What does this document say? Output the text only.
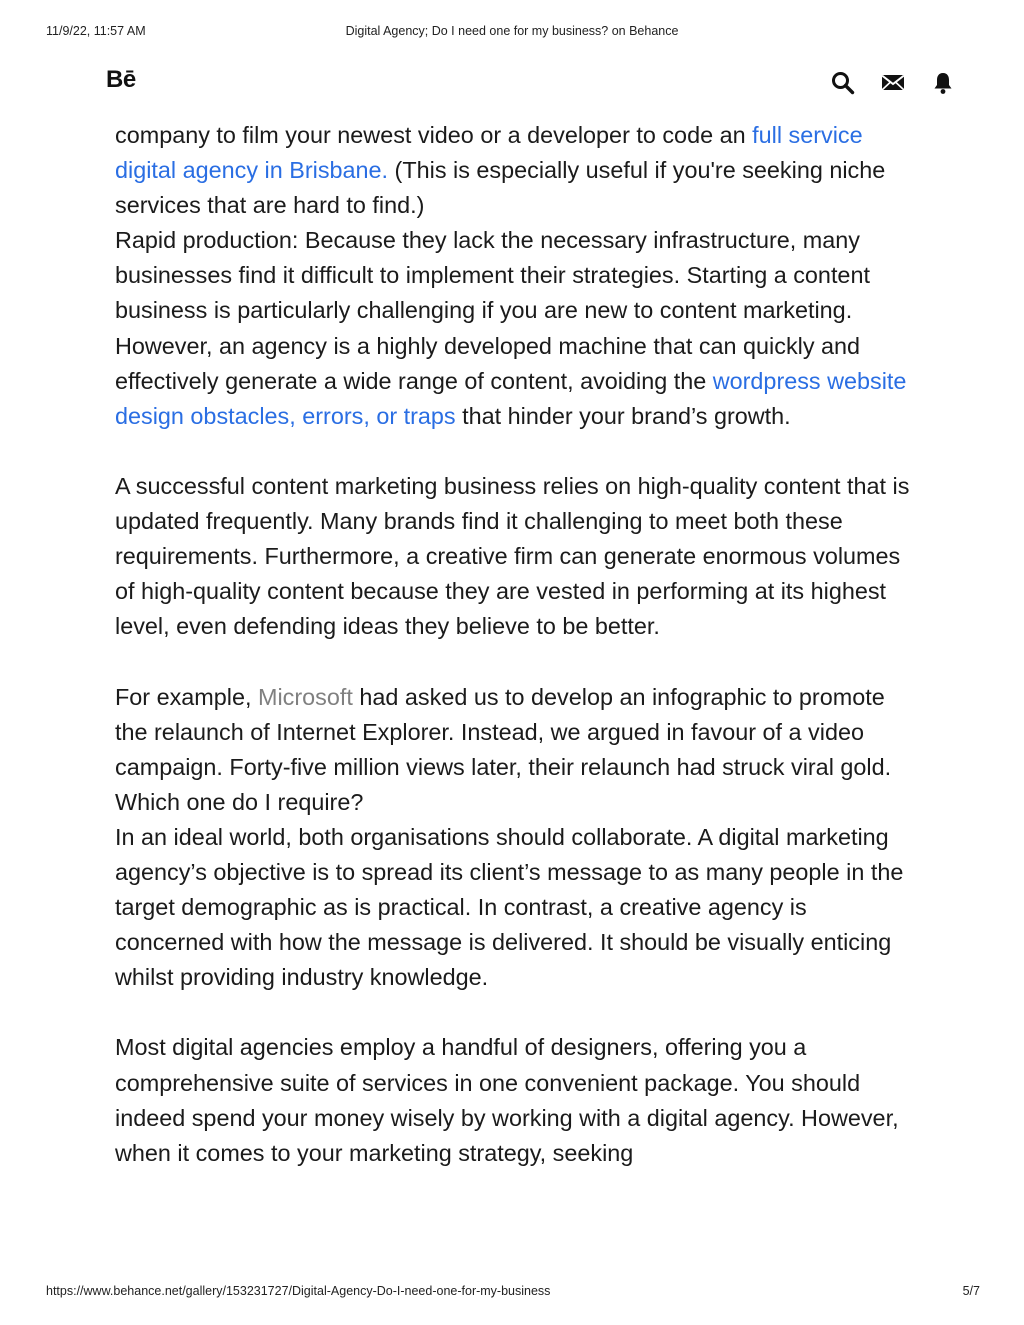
11/9/22, 11:57 AM	Digital Agency; Do I need one for my business? on Behance
Bē

company to film your newest video or a developer to code an full service digital agency in Brisbane. (This is especially useful if you're seeking niche services that are hard to find.)

Rapid production: Because they lack the necessary infrastructure, many businesses find it difficult to implement their strategies. Starting a content business is particularly challenging if you are new to content marketing. However, an agency is a highly developed machine that can quickly and effectively generate a wide range of content, avoiding the wordpress website design obstacles, errors, or traps that hinder your brand’s growth.

A successful content marketing business relies on high-quality content that is updated frequently. Many brands find it challenging to meet both these requirements. Furthermore, a creative firm can generate enormous volumes of high-quality content because they are vested in performing at its highest level, even defending ideas they believe to be better.

For example, Microsoft had asked us to develop an infographic to promote the relaunch of Internet Explorer. Instead, we argued in favour of a video campaign. Forty-five million views later, their relaunch had struck viral gold.

Which one do I require?

In an ideal world, both organisations should collaborate. A digital marketing agency’s objective is to spread its client’s message to as many people in the target demographic as is practical. In contrast, a creative agency is concerned with how the message is delivered. It should be visually enticing whilst providing industry knowledge.

Most digital agencies employ a handful of designers, offering you a comprehensive suite of services in one convenient package. You should indeed spend your money wisely by working with a digital agency. However, when it comes to your marketing strategy, seeking

https://www.behance.net/gallery/153231727/Digital-Agency-Do-I-need-one-for-my-business	5/7
